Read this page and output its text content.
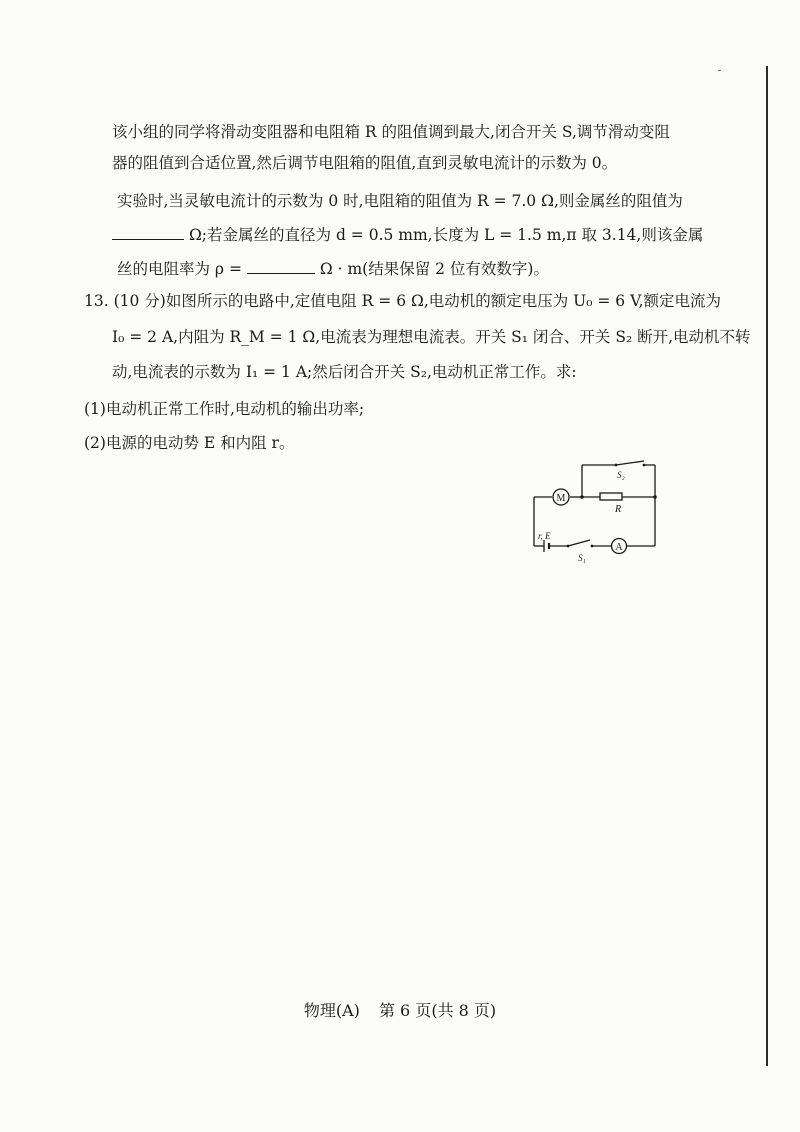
该小组的同学将滑动变阻器和电阻箱 R 的阻值调到最大,闭合开关 S,调节滑动变阻
器的阻值到合适位置,然后调节电阻箱的阻值,直到灵敏电流计的示数为 0。
实验时,当灵敏电流计的示数为 0 时,电阻箱的阻值为 R = 7.0 Ω,则金属丝的阻值为
Ω;若金属丝的直径为 d = 0.5 mm,长度为 L = 1.5 m,π 取 3.14,则该金属
丝的电阻率为 ρ =	Ω · m(结果保留 2 位有效数字)。
13. (10 分)如图所示的电路中,定值电阻 R = 6 Ω,电动机的额定电压为 U₀ = 6 V,额定电流为
I₀ = 2 A,内阻为 R_M = 1 Ω,电流表为理想电流表。开关 S₁ 闭合、开关 S₂ 断开,电动机不转
动,电流表的示数为 I₁ = 1 A;然后闭合开关 S₂,电动机正常工作。求:
(1)电动机正常工作时,电动机的输出功率;
(2)电源的电动势 E 和内阻 r。
M
A
R
S₂
S₁
r, E
物理(A) 第 6 页(共 8 页)
